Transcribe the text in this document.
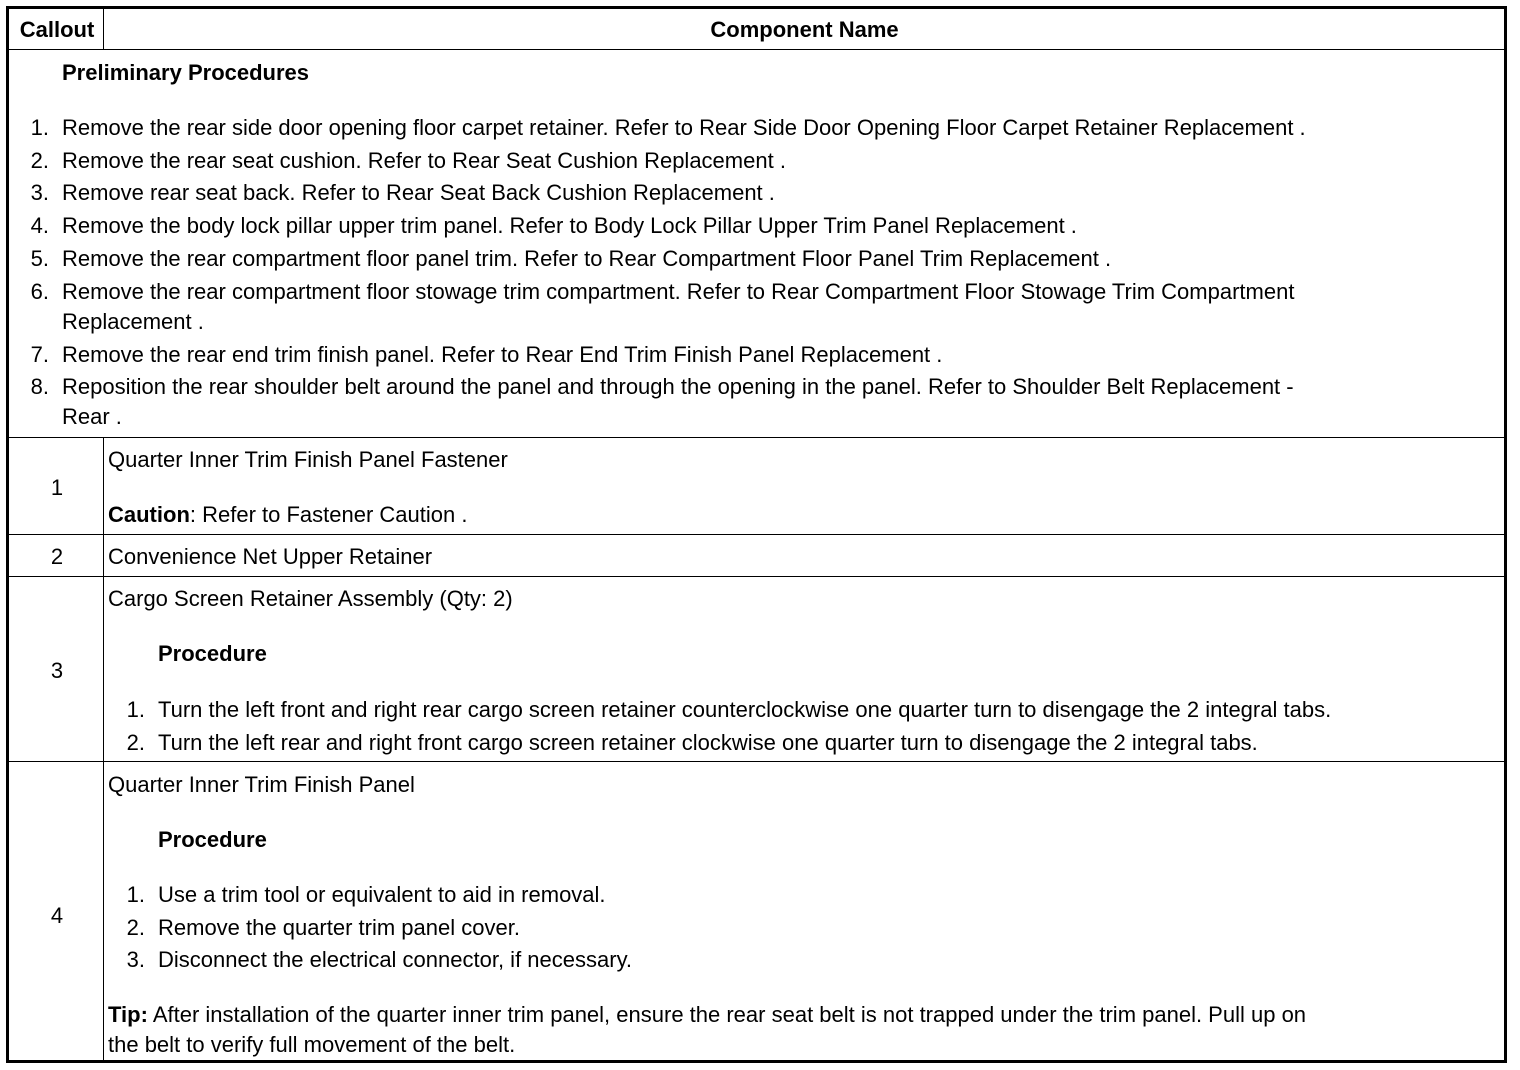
Callout	Component Name
Preliminary Procedures
1. Remove the rear side door opening floor carpet retainer. Refer to Rear Side Door Opening Floor Carpet Retainer Replacement .
2. Remove the rear seat cushion. Refer to Rear Seat Cushion Replacement .
3. Remove rear seat back. Refer to Rear Seat Back Cushion Replacement .
4. Remove the body lock pillar upper trim panel. Refer to Body Lock Pillar Upper Trim Panel Replacement .
5. Remove the rear compartment floor panel trim. Refer to Rear Compartment Floor Panel Trim Replacement .
6. Remove the rear compartment floor stowage trim compartment. Refer to Rear Compartment Floor Stowage Trim Compartment
Replacement .
7. Remove the rear end trim finish panel. Refer to Rear End Trim Finish Panel Replacement .
8. Reposition the rear shoulder belt around the panel and through the opening in the panel. Refer to Shoulder Belt Replacement -
Rear .
1
Quarter Inner Trim Finish Panel Fastener
Caution: Refer to Fastener Caution .
2	Convenience Net Upper Retainer
3
Cargo Screen Retainer Assembly (Qty: 2)
Procedure
1. Turn the left front and right rear cargo screen retainer counterclockwise one quarter turn to disengage the 2 integral tabs.
2. Turn the left rear and right front cargo screen retainer clockwise one quarter turn to disengage the 2 integral tabs.
4
Quarter Inner Trim Finish Panel
Procedure
1. Use a trim tool or equivalent to aid in removal.
2. Remove the quarter trim panel cover.
3. Disconnect the electrical connector, if necessary.
Tip: After installation of the quarter inner trim panel, ensure the rear seat belt is not trapped under the trim panel. Pull up on
the belt to verify full movement of the belt.
